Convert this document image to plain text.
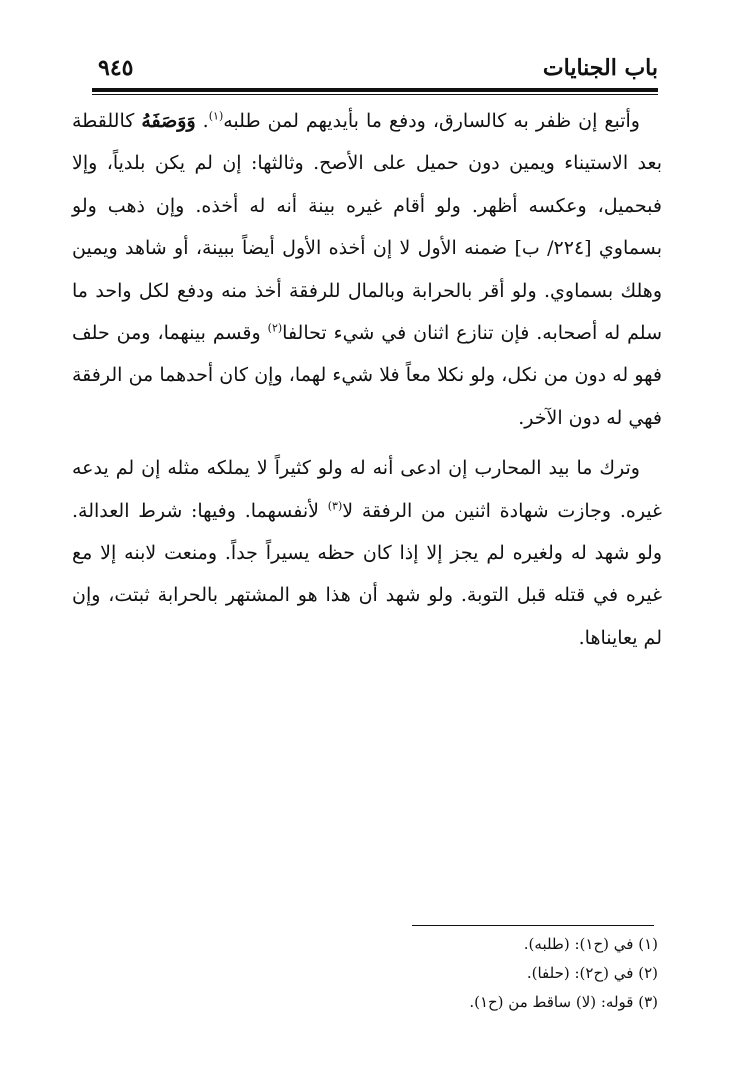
باب الجنايات
٩٤٥

وأتبع إن ظفر به كالسارق، ودفع ما بأيديهم لمن طلبه$^{(١)}$. وَوَصَفَهُ كاللقطة بعد الاستيناء ويمين دون حميل على الأصح. وثالثها: إن لم يكن بلدياً، وإلا فبحميل، وعكسه أظهر. ولو أقام غيره بينة أنه له أخذه. وإن ذهب ولو بسماوي [٢٢٤/ ب] ضمنه الأول لا إن أخذه الأول أيضاً ببينة، أو شاهد ويمين وهلك بسماوي. ولو أقر بالحرابة وبالمال للرفقة أخذ منه ودفع لكل واحد ما سلم له أصحابه. فإن تنازع اثنان في شيء تحالفا$^{(٢)}$ وقسم بينهما، ومن حلف فهو له دون من نكل، ولو نكلا معاً فلا شيء لهما، وإن كان أحدهما من الرفقة فهي له دون الآخر.

وترك ما بيد المحارب إن ادعى أنه له ولو كثيراً لا يملكه مثله إن لم يدعه غيره. وجازت شهادة اثنين من الرفقة لا$^{(٣)}$ لأنفسهما. وفيها: شرط العدالة. ولو شهد له ولغيره لم يجز إلا إذا كان حظه يسيراً جداً. ومنعت لابنه إلا مع غيره في قتله قبل التوبة. ولو شهد أن هذا هو المشتهر بالحرابة ثبتت، وإن لم يعايناها.

(١) في (ح١): (طلبه).

(٢) في (ح٢): (حلفا).

(٣) قوله: (لا) ساقط من (ح١).
